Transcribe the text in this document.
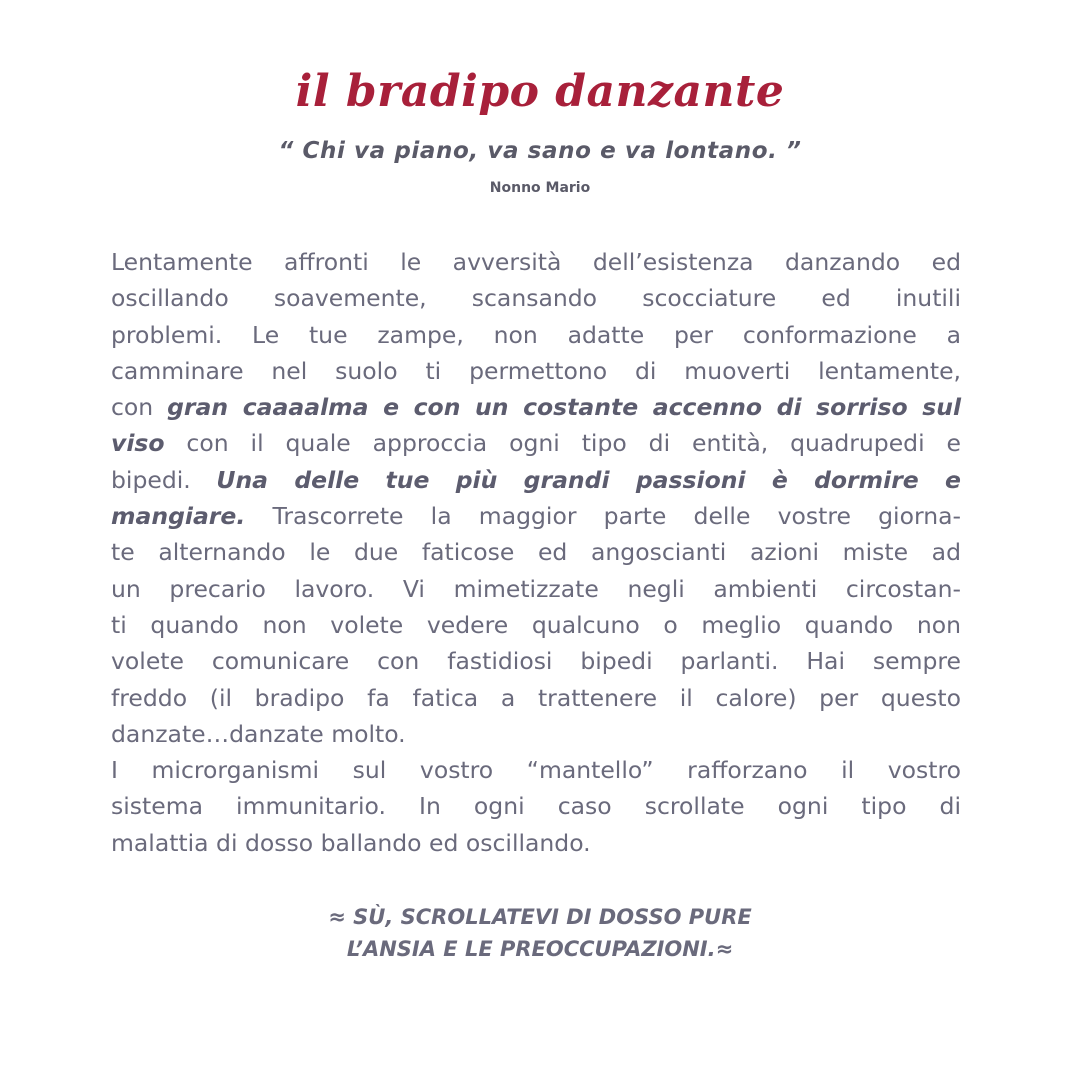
il bradipo danzante
“ Chi va piano, va sano e va lontano. ”
Nonno Mario
Lentamente affronti le avversità dell’esistenza danzando ed
oscillando soavemente, scansando scocciature ed inutili
problemi. Le tue zampe, non adatte per conformazione a
camminare nel suolo ti permettono di muoverti lentamente,
con gran caaaalma e con un costante accenno di sorriso sul
viso con il quale approccia ogni tipo di entità, quadrupedi e
bipedi. Una delle tue più grandi passioni è dormire e
mangiare. Trascorrete la maggior parte delle vostre giorna-
te alternando le due faticose ed angoscianti azioni miste ad
un precario lavoro. Vi mimetizzate negli ambienti circostan-
ti quando non volete vedere qualcuno o meglio quando non
volete comunicare con fastidiosi bipedi parlanti. Hai sempre
freddo (il bradipo fa fatica a trattenere il calore) per questo
danzate…danzate molto.
I microrganismi sul vostro “mantello” rafforzano il vostro
sistema immunitario. In ogni caso scrollate ogni tipo di
malattia di dosso ballando ed oscillando.
≈ SÙ, SCROLLATEVI DI DOSSO PURE
L’ANSIA E LE PREOCCUPAZIONI.≈
